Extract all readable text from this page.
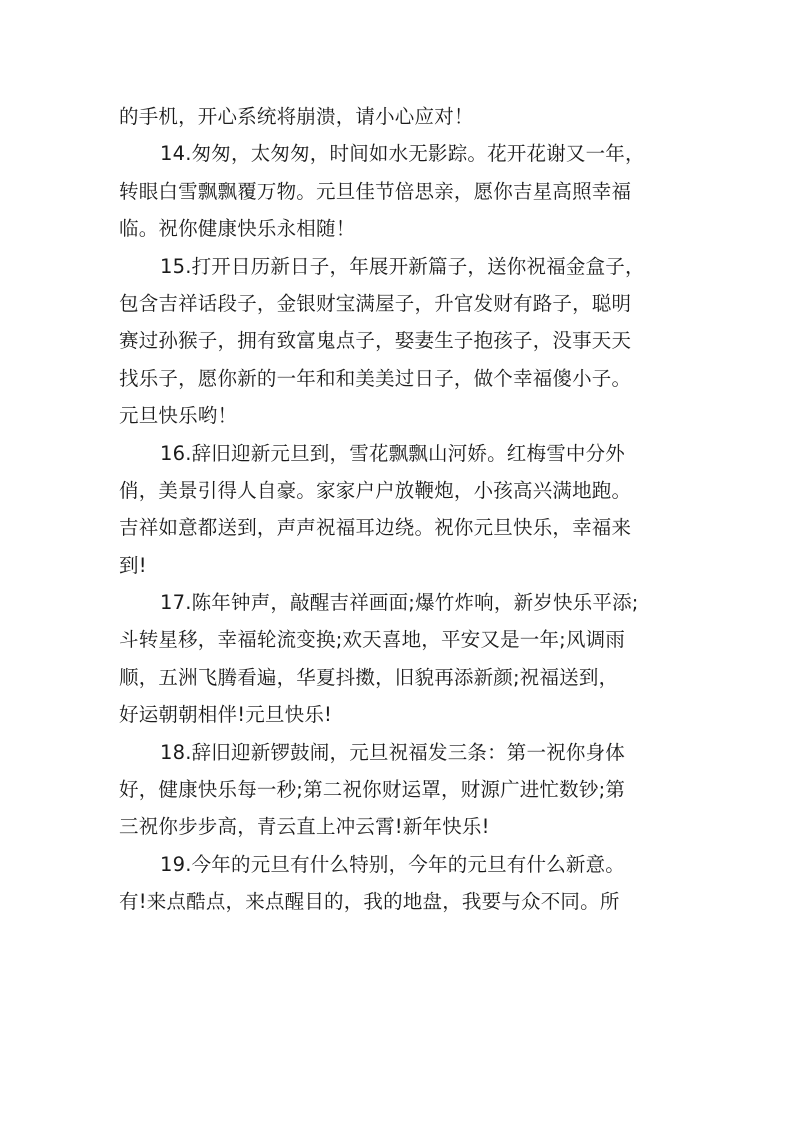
的手机，开心系统将崩溃，请小心应对！
14.匆匆，太匆匆，时间如水无影踪。花开花谢又一年，
转眼白雪飘飘覆万物。元旦佳节倍思亲，愿你吉星高照幸福
临。祝你健康快乐永相随！
15.打开日历新日子，年展开新篇子，送你祝福金盒子，
包含吉祥话段子，金银财宝满屋子，升官发财有路子，聪明
赛过孙猴子，拥有致富鬼点子，娶妻生子抱孩子，没事天天
找乐子，愿你新的一年和和美美过日子，做个幸福傻小子。
元旦快乐哟！
16.辞旧迎新元旦到，雪花飘飘山河娇。红梅雪中分外
俏，美景引得人自豪。家家户户放鞭炮，小孩高兴满地跑。
吉祥如意都送到，声声祝福耳边绕。祝你元旦快乐，幸福来
到!
17.陈年钟声，敲醒吉祥画面;爆竹炸响，新岁快乐平添;
斗转星移，幸福轮流变换;欢天喜地，平安又是一年;风调雨
顺，五洲飞腾看遍，华夏抖擞，旧貌再添新颜;祝福送到，
好运朝朝相伴!元旦快乐!
18.辞旧迎新锣鼓闹，元旦祝福发三条：第一祝你身体
好，健康快乐每一秒;第二祝你财运罩，财源广进忙数钞;第
三祝你步步高，青云直上冲云霄!新年快乐!
19.今年的元旦有什么特别，今年的元旦有什么新意。
有!来点酷点，来点醒目的，我的地盘，我要与众不同。所
